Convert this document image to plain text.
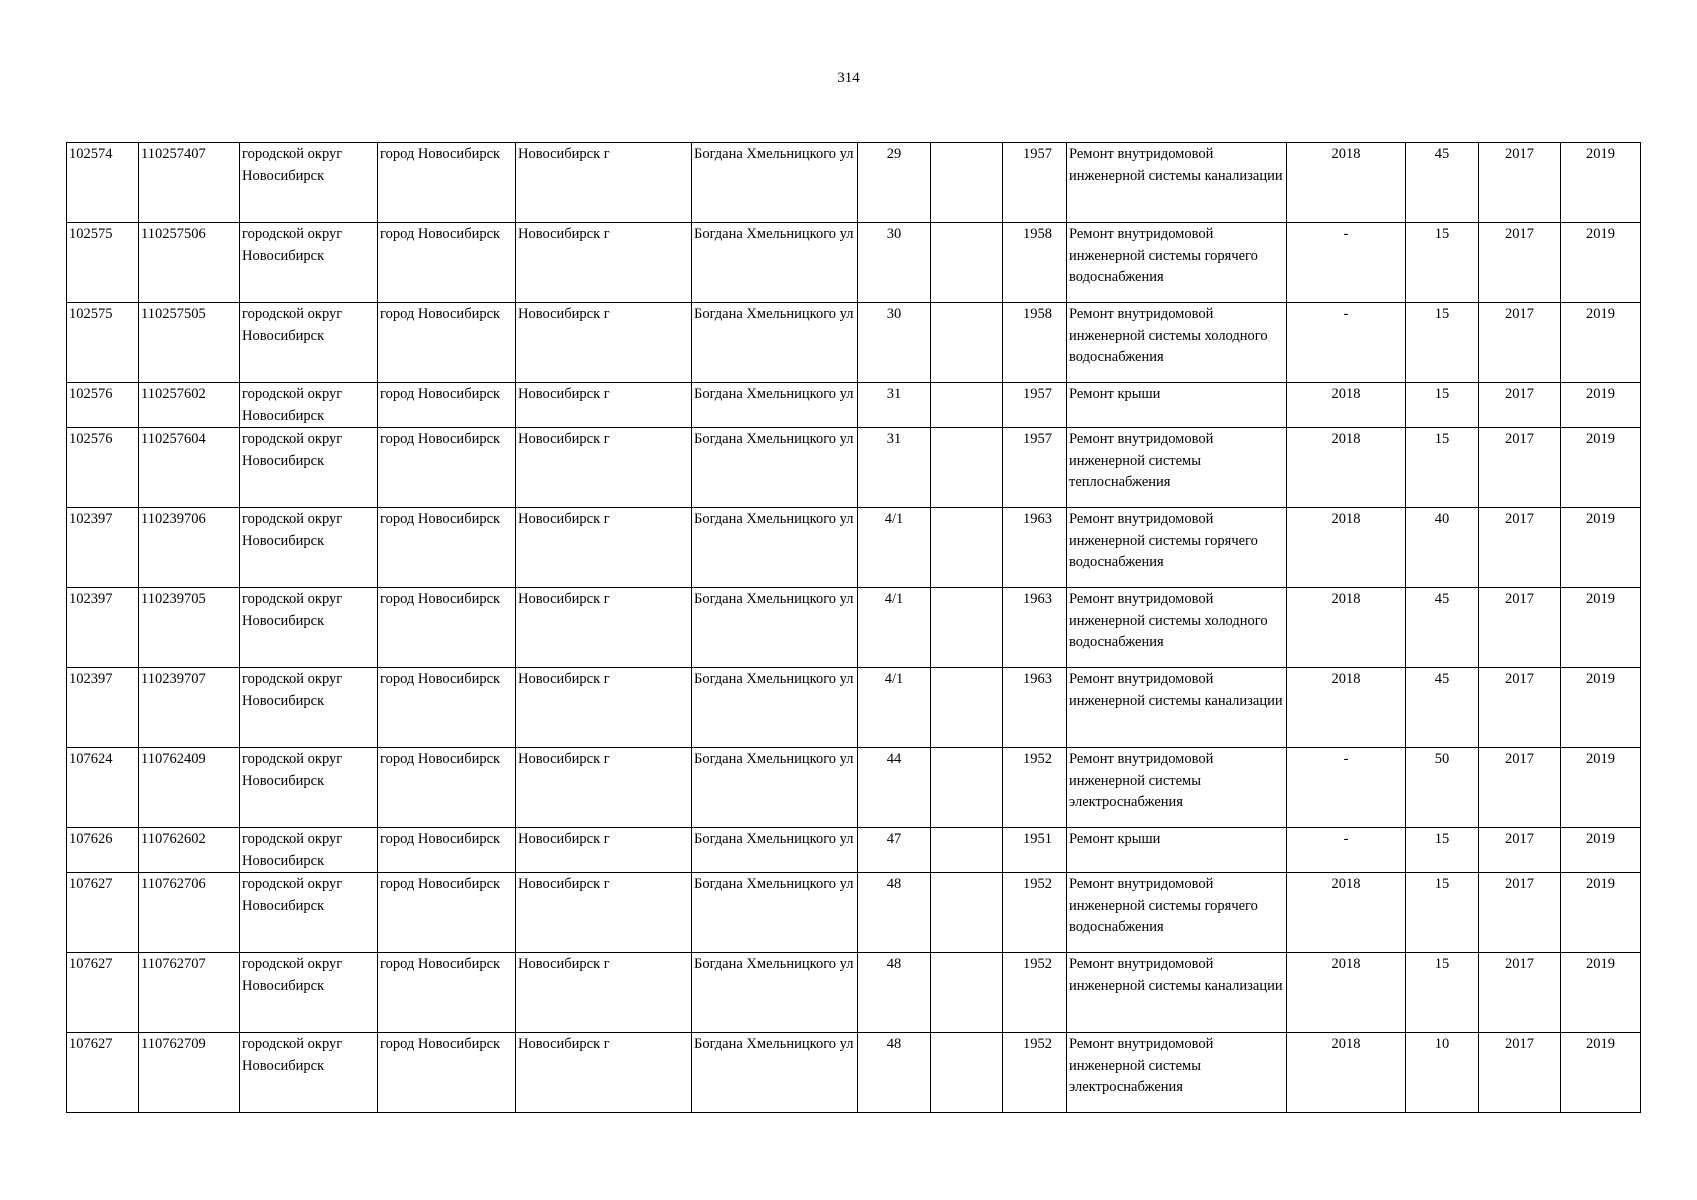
314
102574	110257407	городской округ Новосибирск	город Новосибирск	Новосибирск г	Богдана Хмельницкого ул	29		1957	Ремонт внутридомовой инженерной системы канализации	2018	45	2017	2019
102575	110257506	городской округ Новосибирск	город Новосибирск	Новосибирск г	Богдана Хмельницкого ул	30		1958	Ремонт внутридомовой инженерной системы горячего водоснабжения	-	15	2017	2019
102575	110257505	городской округ Новосибирск	город Новосибирск	Новосибирск г	Богдана Хмельницкого ул	30		1958	Ремонт внутридомовой инженерной системы холодного водоснабжения	-	15	2017	2019
102576	110257602	городской округ Новосибирск	город Новосибирск	Новосибирск г	Богдана Хмельницкого ул	31		1957	Ремонт крыши	2018	15	2017	2019
102576	110257604	городской округ Новосибирск	город Новосибирск	Новосибирск г	Богдана Хмельницкого ул	31		1957	Ремонт внутридомовой инженерной системы теплоснабжения	2018	15	2017	2019
102397	110239706	городской округ Новосибирск	город Новосибирск	Новосибирск г	Богдана Хмельницкого ул	4/1		1963	Ремонт внутридомовой инженерной системы горячего водоснабжения	2018	40	2017	2019
102397	110239705	городской округ Новосибирск	город Новосибирск	Новосибирск г	Богдана Хмельницкого ул	4/1		1963	Ремонт внутридомовой инженерной системы холодного водоснабжения	2018	45	2017	2019
102397	110239707	городской округ Новосибирск	город Новосибирск	Новосибирск г	Богдана Хмельницкого ул	4/1		1963	Ремонт внутридомовой инженерной системы канализации	2018	45	2017	2019
107624	110762409	городской округ Новосибирск	город Новосибирск	Новосибирск г	Богдана Хмельницкого ул	44		1952	Ремонт внутридомовой инженерной системы электроснабжения	-	50	2017	2019
107626	110762602	городской округ Новосибирск	город Новосибирск	Новосибирск г	Богдана Хмельницкого ул	47		1951	Ремонт крыши	-	15	2017	2019
107627	110762706	городской округ Новосибирск	город Новосибирск	Новосибирск г	Богдана Хмельницкого ул	48		1952	Ремонт внутридомовой инженерной системы горячего водоснабжения	2018	15	2017	2019
107627	110762707	городской округ Новосибирск	город Новосибирск	Новосибирск г	Богдана Хмельницкого ул	48		1952	Ремонт внутридомовой инженерной системы канализации	2018	15	2017	2019
107627	110762709	городской округ Новосибирск	город Новосибирск	Новосибирск г	Богдана Хмельницкого ул	48		1952	Ремонт внутридомовой инженерной системы электроснабжения	2018	10	2017	2019
